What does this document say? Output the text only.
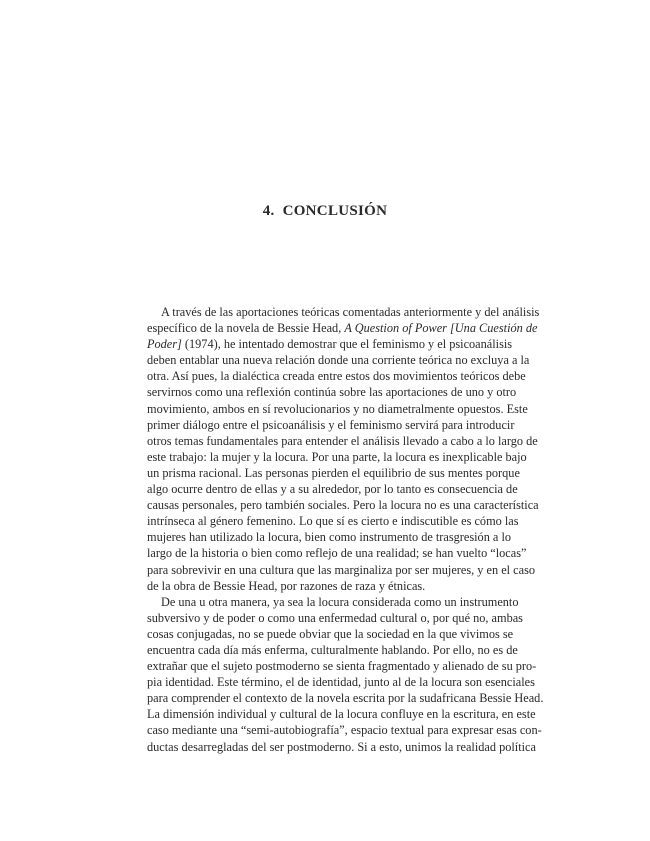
4. CONCLUSIÓN

A través de las aportaciones teóricas comentadas anteriormente y del análisis
específico de la novela de Bessie Head, A Question of Power [Una Cuestión de
Poder] (1974), he intentado demostrar que el feminismo y el psicoanálisis
deben entablar una nueva relación donde una corriente teórica no excluya a la
otra. Así pues, la dialéctica creada entre estos dos movimientos teóricos debe
servirnos como una reflexión continúa sobre las aportaciones de uno y otro
movimiento, ambos en sí revolucionarios y no diametralmente opuestos. Este
primer diálogo entre el psicoanálisis y el feminismo servirá para introducir
otros temas fundamentales para entender el análisis llevado a cabo a lo largo de
este trabajo: la mujer y la locura. Por una parte, la locura es inexplicable bajo
un prisma racional. Las personas pierden el equilibrio de sus mentes porque
algo ocurre dentro de ellas y a su alrededor, por lo tanto es consecuencia de
causas personales, pero también sociales. Pero la locura no es una característica
intrínseca al género femenino. Lo que sí es cierto e indiscutible es cómo las
mujeres han utilizado la locura, bien como instrumento de trasgresión a lo
largo de la historia o bien como reflejo de una realidad; se han vuelto “locas”
para sobrevivir en una cultura que las marginaliza por ser mujeres, y en el caso
de la obra de Bessie Head, por razones de raza y étnicas.

De una u otra manera, ya sea la locura considerada como un instrumento
subversivo y de poder o como una enfermedad cultural o, por qué no, ambas
cosas conjugadas, no se puede obviar que la sociedad en la que vivimos se
encuentra cada día más enferma, culturalmente hablando. Por ello, no es de
extrañar que el sujeto postmoderno se sienta fragmentado y alienado de su pro-
pia identidad. Este término, el de identidad, junto al de la locura son esenciales
para comprender el contexto de la novela escrita por la sudafricana Bessie Head.
La dimensión individual y cultural de la locura confluye en la escritura, en este
caso mediante una “semi-autobiografía”, espacio textual para expresar esas con-
ductas desarregladas del ser postmoderno. Si a esto, unimos la realidad política
